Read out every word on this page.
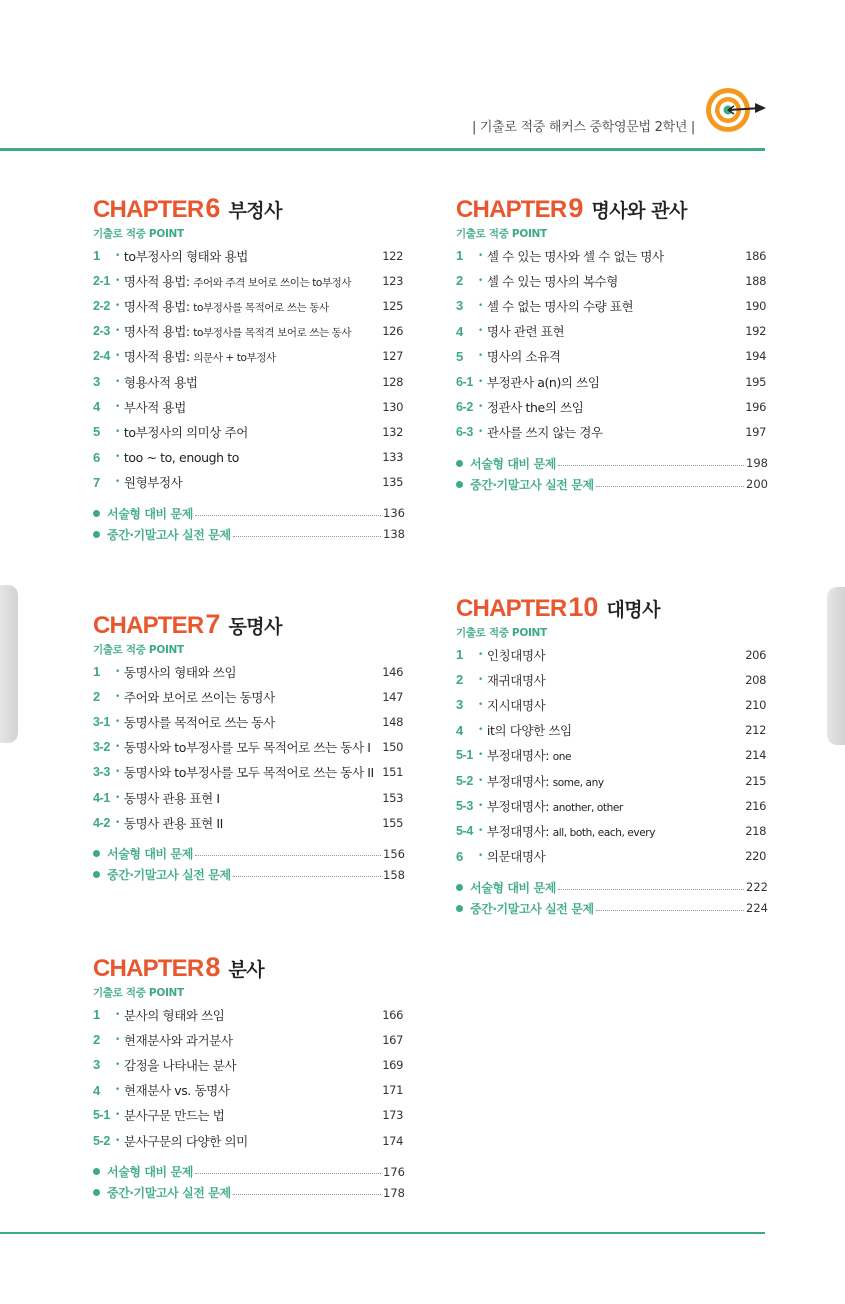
| 기출로 적중 해커스 중학영문법 2학년 |
CHAPTER 6 부정사
기출로 적중 POINT
1	• to부정사의 형태와 용법	122
2-1 • 명사적 용법: 주어와 주격 보어로 쓰이는 to부정사	123
2-2 • 명사적 용법: to부정사를 목적어로 쓰는 동사	125
2-3 • 명사적 용법: to부정사를 목적격 보어로 쓰는 동사	126
2-4 • 명사적 용법: 의문사 + to부정사	127
3	• 형용사적 용법	128
4	• 부사적 용법	130
5	• to부정사의 의미상 주어	132
6	• too ~ to, enough to	133
7	• 원형부정사	135
서술형 대비 문제	136
중간·기말고사 실전 문제	138
CHAPTER 7 동명사
기출로 적중 POINT
1	• 동명사의 형태와 쓰임	146
2	• 주어와 보어로 쓰이는 동명사	147
3-1 • 동명사를 목적어로 쓰는 동사	148
3-2 • 동명사와 to부정사를 모두 목적어로 쓰는 동사 I	150
3-3 • 동명사와 to부정사를 모두 목적어로 쓰는 동사 II 151
4-1 • 동명사 관용 표현 I	153
4-2 • 동명사 관용 표현 II	155
서술형 대비 문제	156
중간·기말고사 실전 문제	158
CHAPTER 8 분사
기출로 적중 POINT
1	• 분사의 형태와 쓰임	166
2	• 현재분사와 과거분사	167
3	• 감정을 나타내는 분사	169
4	• 현재분사 vs. 동명사	171
5-1 • 분사구문 만드는 법	173
5-2 • 분사구문의 다양한 의미	174
서술형 대비 문제	176
중간·기말고사 실전 문제	178
CHAPTER 9 명사와 관사
기출로 적중 POINT
1	• 셀 수 있는 명사와 셀 수 없는 명사	186
2	• 셀 수 있는 명사의 복수형	188
3	• 셀 수 없는 명사의 수량 표현	190
4	• 명사 관련 표현	192
5	• 명사의 소유격	194
6-1 • 부정관사 a(n)의 쓰임	195
6-2 • 정관사 the의 쓰임	196
6-3 • 관사를 쓰지 않는 경우	197
서술형 대비 문제	198
중간·기말고사 실전 문제	200
CHAPTER 10 대명사
기출로 적중 POINT
1	• 인칭대명사	206
2	• 재귀대명사	208
3	• 지시대명사	210
4	• it의 다양한 쓰임	212
5-1 • 부정대명사: one	214
5-2 • 부정대명사: some, any	215
5-3 • 부정대명사: another, other	216
5-4 • 부정대명사: all, both, each, every	218
6	• 의문대명사	220
서술형 대비 문제	222
중간·기말고사 실전 문제	224
